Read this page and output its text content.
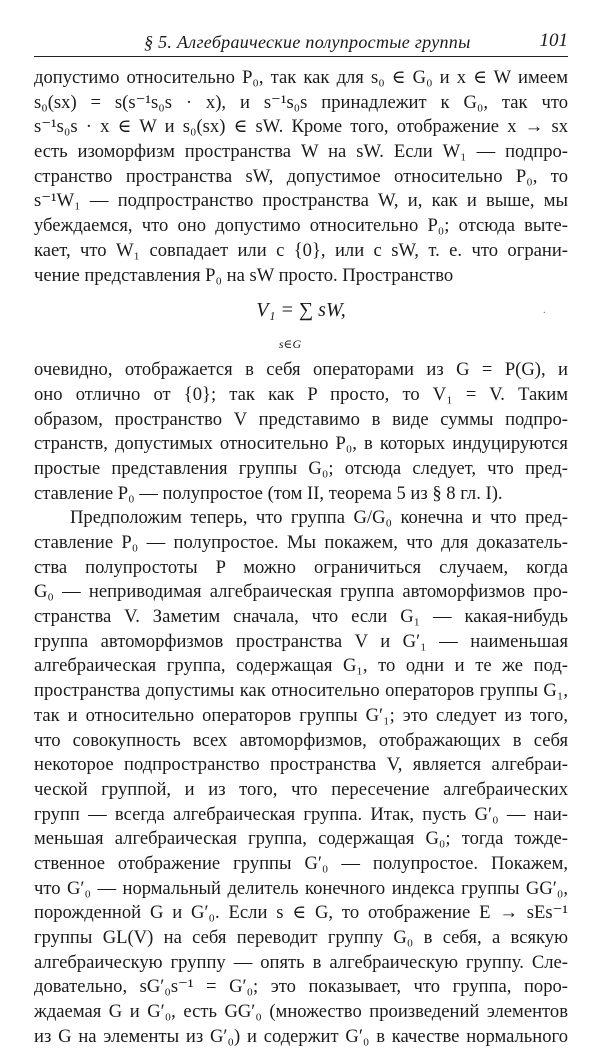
§ 5. Алгебраические полупростые группы	101
допустимо относительно P₀, так как для s₀ ∈ G₀ и x ∈ W имеем
s₀(sx) = s(s⁻¹s₀s · x), и s⁻¹s₀s принадлежит к G₀, так что
s⁻¹s₀s · x ∈ W и s₀(sx) ∈ sW. Кроме того, отображение x → sx
есть изоморфизм пространства W на sW. Если W₁ — подпро-
странство пространства sW, допустимое относительно P₀, то
s⁻¹W₁ — подпространство пространства W, и, как и выше, мы
убеждаемся, что оно допустимо относительно P₀; отсюда выте-
кает, что W₁ совпадает или с {0}, или с sW, т. е. что ограни-
чение представления P₀ на sW просто. Пространство
V₁ = ∑ sW,
s∈G
·
очевидно, отображается в себя операторами из G = P(G), и
оно отлично от {0}; так как P просто, то V₁ = V. Таким
образом, пространство V представимо в виде суммы подпро-
странств, допустимых относительно P₀, в которых индуцируются
простые представления группы G₀; отсюда следует, что пред-
ставление P₀ — полупростое (том II, теорема 5 из § 8 гл. I).
Предположим теперь, что группа G/G₀ конечна и что пред-
ставление P₀ — полупростое. Мы покажем, что для доказатель-
ства полупростоты P можно ограничиться случаем, когда
G₀ — неприводимая алгебраическая группа автоморфизмов про-
странства V. Заметим сначала, что если G₁ — какая-нибудь
группа автоморфизмов пространства V и G′₁ — наименьшая
алгебраическая группа, содержащая G₁, то одни и те же под-
пространства допустимы как относительно операторов группы G₁,
так и относительно операторов группы G′₁; это следует из того,
что совокупность всех автоморфизмов, отображающих в себя
некоторое подпространство пространства V, является алгебраи-
ческой группой, и из того, что пересечение алгебраических
групп — всегда алгебраическая группа. Итак, пусть G′₀ — наи-
меньшая алгебраическая группа, содержащая G₀; тогда тожде-
ственное отображение группы G′₀ — полупростое. Покажем,
что G′₀ — нормальный делитель конечного индекса группы GG′₀,
порожденной G и G′₀. Если s ∈ G, то отображение E → sEs⁻¹
группы GL(V) на себя переводит группу G₀ в себя, а всякую
алгебраическую группу — опять в алгебраическую группу. Сле-
довательно, sG′₀s⁻¹ = G′₀; это показывает, что группа, пoро-
ждаемая G и G′₀, есть GG′₀ (множество произведений элементов
из G на элементы из G′₀) и содержит G′₀ в качестве нормального
